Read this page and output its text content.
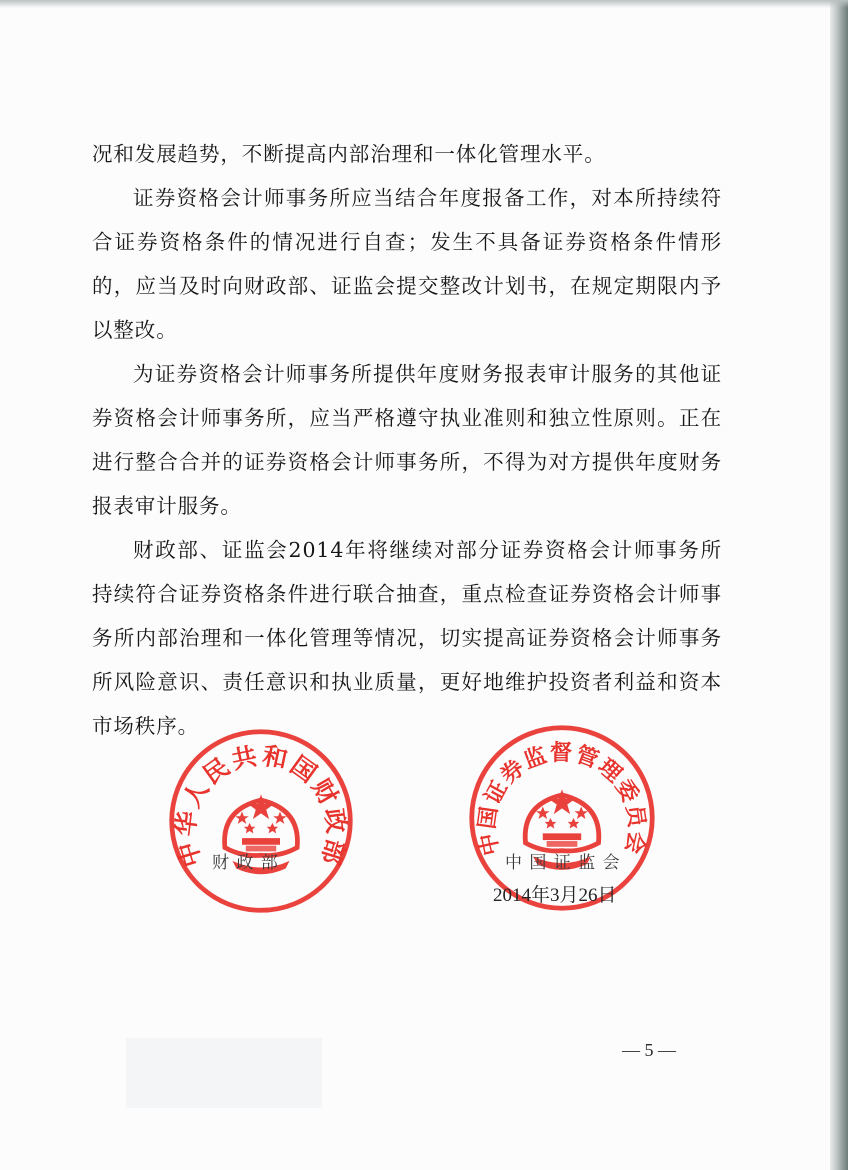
况和发展趋势，不断提高内部治理和一体化管理水平。

证券资格会计师事务所应当结合年度报备工作，对本所持续符合证券资格条件的情况进行自查；发生不具备证券资格条件情形的，应当及时向财政部、证监会提交整改计划书，在规定期限内予以整改。

为证券资格会计师事务所提供年度财务报表审计服务的其他证券资格会计师事务所，应当严格遵守执业准则和独立性原则。正在进行整合合并的证券资格会计师事务所，不得为对方提供年度财务报表审计服务。

财政部、证监会2014年将继续对部分证券资格会计师事务所持续符合证券资格条件进行联合抽查，重点检查证券资格会计师事务所内部治理和一体化管理等情况，切实提高证券资格会计师事务所风险意识、责任意识和执业质量，更好地维护投资者利益和资本市场秩序。

中华人民共和国财政部	中国证券监督管理委员会
财 政 部	中 国 证 监 会
2014年3月26日
— 5 —
